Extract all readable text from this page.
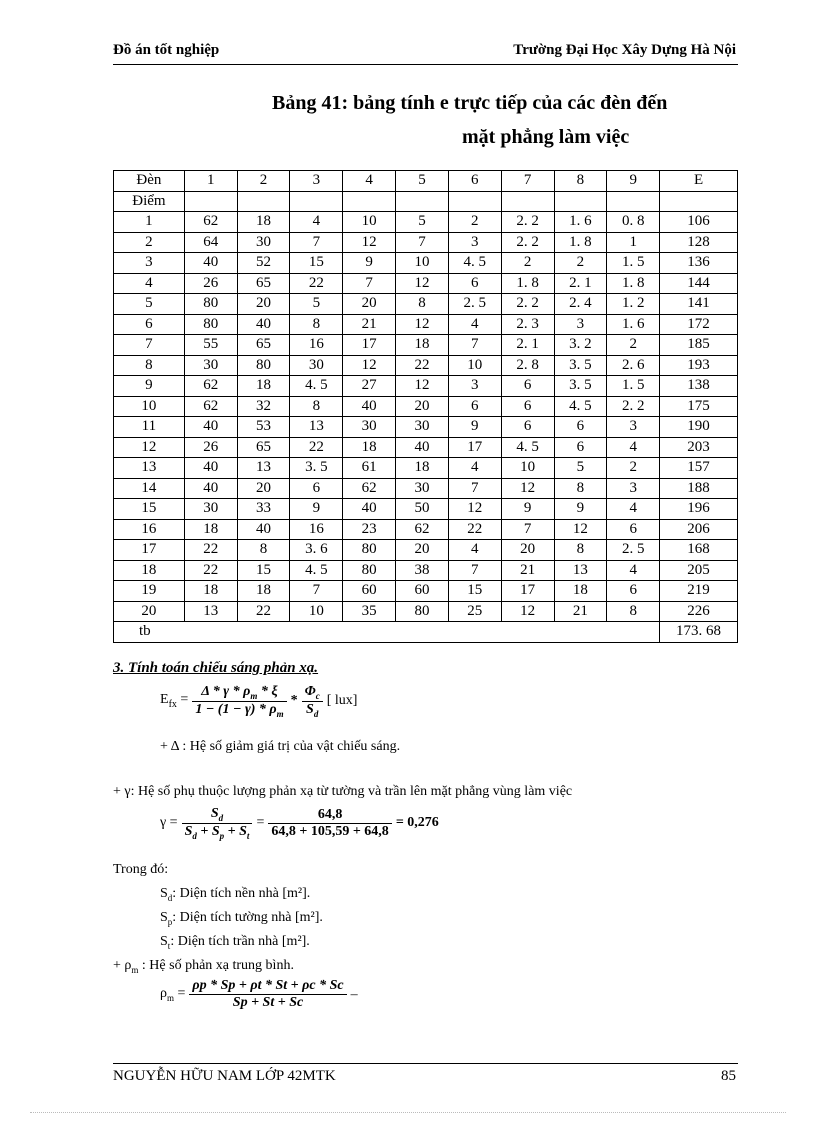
Đồ án tốt nghiệp	Trường Đại Học Xây Dựng Hà Nội
Bảng 41: bảng tính e trực tiếp của các đèn đến
mặt phẳng làm việc
Đèn	1	2	3	4	5	6	7	8	9	E
Điểm										
1	62	18	4	10	5	2	2. 2	1. 6	0. 8	106
2	64	30	7	12	7	3	2. 2	1. 8	1	128
3	40	52	15	9	10	4. 5	2	2	1. 5	136
4	26	65	22	7	12	6	1. 8	2. 1	1. 8	144
5	80	20	5	20	8	2. 5	2. 2	2. 4	1. 2	141
6	80	40	8	21	12	4	2. 3	3	1. 6	172
7	55	65	16	17	18	7	2. 1	3. 2	2	185
8	30	80	30	12	22	10	2. 8	3. 5	2. 6	193
9	62	18	4. 5	27	12	3	6	3. 5	1. 5	138
10	62	32	8	40	20	6	6	4. 5	2. 2	175
11	40	53	13	30	30	9	6	6	3	190
12	26	65	22	18	40	17	4. 5	6	4	203
13	40	13	3. 5	61	18	4	10	5	2	157
14	40	20	6	62	30	7	12	8	3	188
15	30	33	9	40	50	12	9	9	4	196
16	18	40	16	23	62	22	7	12	6	206
17	22	8	3. 6	80	20	4	20	8	2. 5	168
18	22	15	4. 5	80	38	7	21	13	4	205
19	18	18	7	60	60	15	17	18	6	219
20	13	22	10	35	80	25	12	21	8	226
tb										173. 68
3. Tính toán chiếu sáng phản xạ.
$E_{fx} = \frac{\Delta * \gamma * \rho_m * \xi}{1 - (1 - \gamma) * \rho_m} * \frac{\Phi_c}{S_d}$ [ lux]
+ Δ : Hệ số giảm giá trị của vật chiếu sáng.
+ γ: Hệ số phụ thuộc lượng phản xạ từ tường và trần lên mặt phẳng vùng làm việc
$\gamma = \frac{S_d}{S_d + S_p + S_t} = \frac{64,8}{64,8 + 105,59 + 64,8} = 0,276$
Trong đó:
$S_d$: Diện tích nền nhà [m²].
$S_p$: Diện tích tường nhà [m²].
$S_t$: Diện tích trần nhà [m²].
+ $\rho_m$ : Hệ số phản xạ trung bình.
$\rho_m = \frac{\rho p * Sp + \rho t * St + \rho c * Sc}{Sp + St + Sc}$ –
NGUYỄN HỮU NAM LỚP 42MTK	85
